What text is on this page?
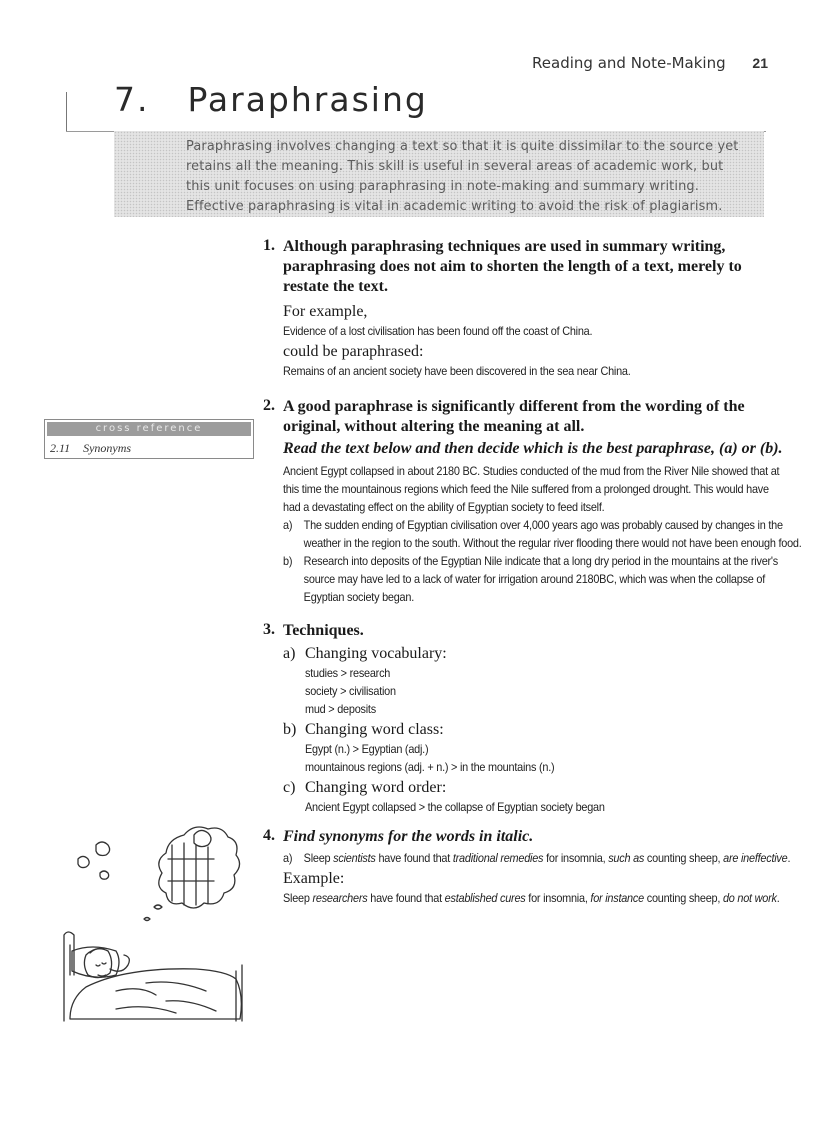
Reading and Note-Making 21
7. Paraphrasing
Paraphrasing involves changing a text so that it is quite dissimilar to the source yet retains all the meaning. This skill is useful in several areas of academic work, but this unit focuses on using paraphrasing in note-making and summary writing. Effective paraphrasing is vital in academic writing to avoid the risk of plagiarism.
cross reference
2.11 Synonyms
1. Although paraphrasing techniques are used in summary writing, paraphrasing does not aim to shorten the length of a text, merely to restate the text.
For example,
Evidence of a lost civilisation has been found off the coast of China.
could be paraphrased:
Remains of an ancient society have been discovered in the sea near China.
2. A good paraphrase is significantly different from the wording of the original, without altering the meaning at all.
Read the text below and then decide which is the best paraphrase, (a) or (b).
Ancient Egypt collapsed in about 2180 BC. Studies conducted of the mud from the River Nile showed that at this time the mountainous regions which feed the Nile suffered from a prolonged drought. This would have had a devastating effect on the ability of Egyptian society to feed itself.
a) The sudden ending of Egyptian civilisation over 4,000 years ago was probably caused by changes in the weather in the region to the south. Without the regular river flooding there would not have been enough food.
b) Research into deposits of the Egyptian Nile indicate that a long dry period in the mountains at the river's source may have led to a lack of water for irrigation around 2180BC, which was when the collapse of Egyptian society began.
3. Techniques.
a) Changing vocabulary:
studies > research
society > civilisation
mud > deposits
b) Changing word class:
Egypt (n.) > Egyptian (adj.)
mountainous regions (adj. + n.) > in the mountains (n.)
c) Changing word order:
Ancient Egypt collapsed > the collapse of Egyptian society began
4. Find synonyms for the words in italic.
a) Sleep scientists have found that traditional remedies for insomnia, such as counting sheep, are ineffective.
Example:
Sleep researchers have found that established cures for insomnia, for instance counting sheep, do not work.
